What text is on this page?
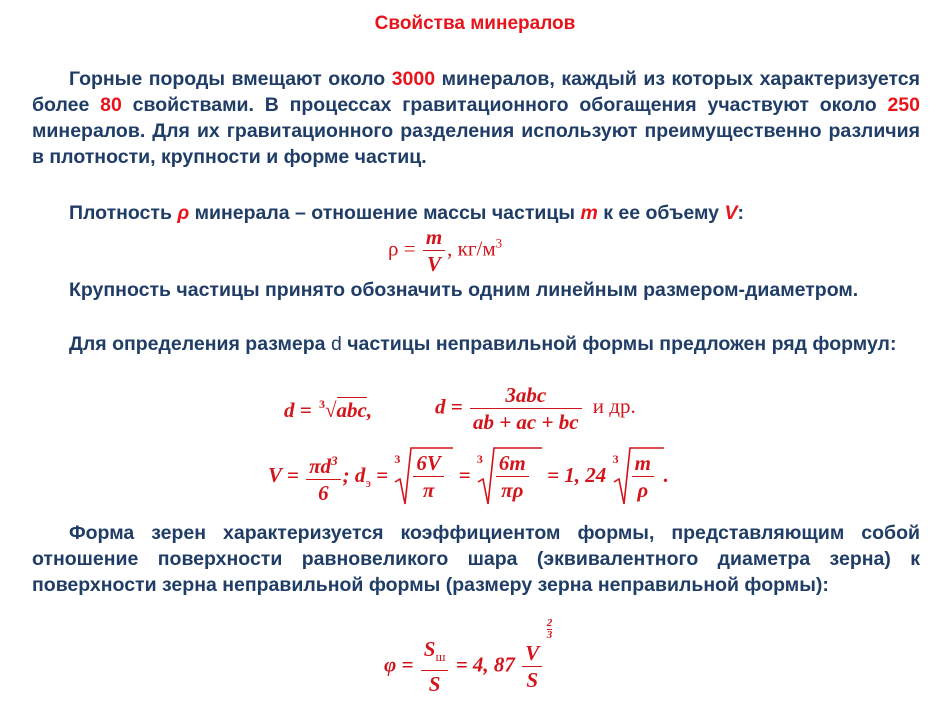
Свойства минералов
Горные породы вмещают около 3000 минералов, каждый из которых характеризуется более 80 свойствами. В процессах гравитационного обогащения участвуют около 250 минералов. Для их гравитационного разделения используют преимущественно различия в плотности, крупности и форме частиц.
Плотность ρ минерала – отношение массы частицы m к ее объему V:
$\rho = \frac{m}{V}$ , $кг/м^3$
Крупность частицы принято обозначить одним линейным размером-диаметром.
Для определения размера d частицы неправильной формы предложен ряд формул:
d = $^3$√abc,	$d = \frac{\text{3abc}}{ab + ac + bc}$ и др.
$V = \frac{\pi d^3}{6}$ ; $d_э$ =
$3 \frac{6V}{\pi}$ =
$3 \frac{6m}{\pi\rho} = 1$, 24
$3 \frac{m}{\rho}$ .
Форма зерен характеризуется коэффициентом формы, представляющим собой отношение поверхности равновеликого шара (эквивалентного диаметра зерна) к поверхности зерна неправильной формы (размеру зерна неправильной формы):
$\varphi = \frac{S_ш}{S} = 4$, 87 V
$\frac{2}{3}$
S
